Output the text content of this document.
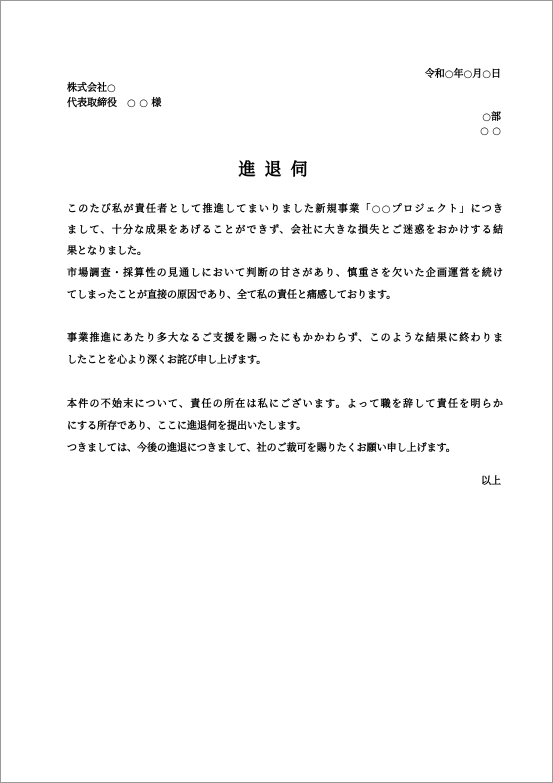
令和○年○月○日
株式会社○
代表取締役　○ ○ 様
○部
○ ○
進退伺
このたび私が責任者として推進してまいりました新規事業「○○プロジェクト」につき
まして、十分な成果をあげることができず、会社に大きな損失とご迷惑をおかけする結
果となりました。
市場調査・採算性の見通しにおいて判断の甘さがあり、慎重さを欠いた企画運営を続け
てしまったことが直接の原因であり、全て私の責任と痛感しております。
事業推進にあたり多大なるご支援を賜ったにもかかわらず、このような結果に終わりま
したことを心より深くお詫び申し上げます。
本件の不始末について、責任の所在は私にございます。よって職を辞して責任を明らか
にする所存であり、ここに進退伺を提出いたします。
つきましては、今後の進退につきまして、社のご裁可を賜りたくお願い申し上げます。
以上
